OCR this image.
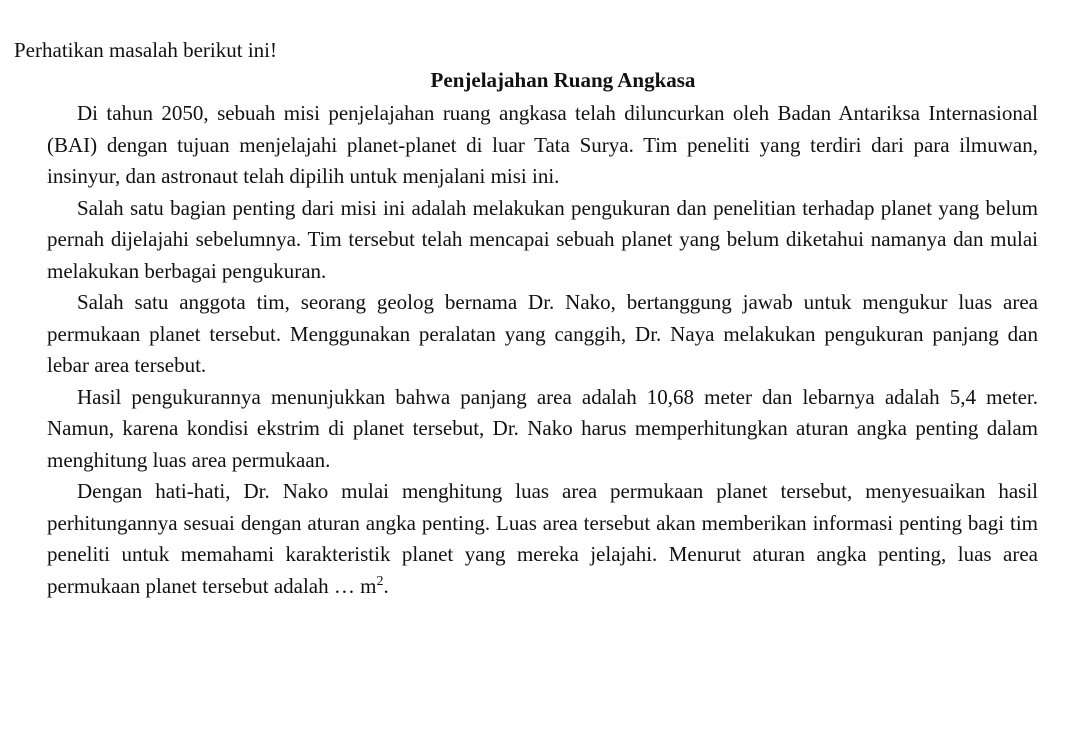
Perhatikan masalah berikut ini!
Penjelajahan Ruang Angkasa

Di tahun 2050, sebuah misi penjelajahan ruang angkasa telah diluncurkan oleh Badan Antariksa Internasional (BAI) dengan tujuan menjelajahi planet-planet di luar Tata Surya. Tim peneliti yang terdiri dari para ilmuwan, insinyur, dan astronaut telah dipilih untuk menjalani misi ini.

Salah satu bagian penting dari misi ini adalah melakukan pengukuran dan penelitian terhadap planet yang belum pernah dijelajahi sebelumnya. Tim tersebut telah mencapai sebuah planet yang belum diketahui namanya dan mulai melakukan berbagai pengukuran.

Salah satu anggota tim, seorang geolog bernama Dr. Nako, bertanggung jawab untuk mengukur luas area permukaan planet tersebut. Menggunakan peralatan yang canggih, Dr. Naya melakukan pengukuran panjang dan lebar area tersebut.

Hasil pengukurannya menunjukkan bahwa panjang area adalah 10,68 meter dan lebarnya adalah 5,4 meter. Namun, karena kondisi ekstrim di planet tersebut, Dr. Nako harus memperhitungkan aturan angka penting dalam menghitung luas area permukaan.

Dengan hati-hati, Dr. Nako mulai menghitung luas area permukaan planet tersebut, menyesuaikan hasil perhitungannya sesuai dengan aturan angka penting. Luas area tersebut akan memberikan informasi penting bagi tim peneliti untuk memahami karakteristik planet yang mereka jelajahi. Menurut aturan angka penting, luas area permukaan planet tersebut adalah … $m^2$.
